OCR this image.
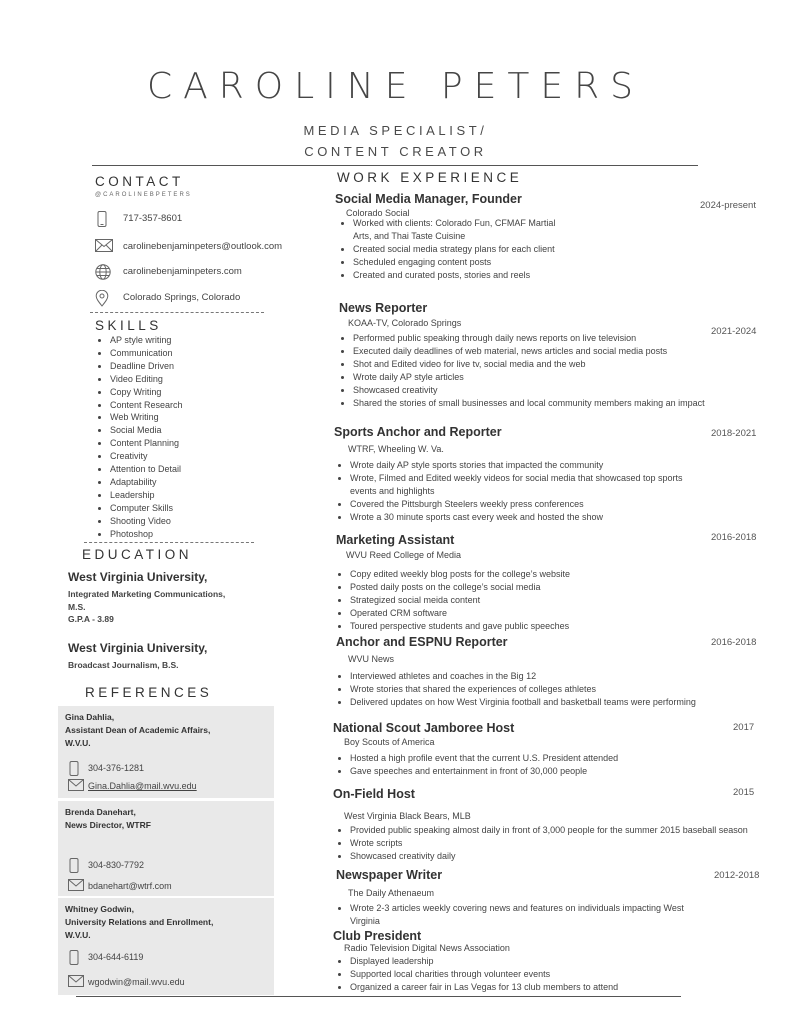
CAROLINE PETERS
MEDIA SPECIALIST/
CONTENT CREATOR
CONTACT
@CAROLINEBPETERS
717-357-8601
carolinebenjaminpeters@outlook.com
carolinebenjaminpeters.com
Colorado Springs, Colorado
SKILLS
• AP style writing
• Communication
• Deadline Driven
• Video Editing
• Copy Writing
• Content Research
• Web Writing
• Social Media
• Content Planning
• Creativity
• Attention to Detail
• Adaptability
• Leadership
• Computer Skills
• Shooting Video
• Photoshop
EDUCATION
West Virginia University,
Integrated Marketing Communications,
M.S.
G.P.A - 3.89
West Virginia University,
Broadcast Journalism, B.S.
REFERENCES
Gina Dahlia,
Assistant Dean of Academic Affairs,
W.V.U.
304-376-1281
Gina.Dahlia@mail.wvu.edu
Brenda Danehart,
News Director, WTRF
304-830-7792
bdanehart@wtrf.com
Whitney Godwin,
University Relations and Enrollment,
W.V.U.
304-644-6119
wgodwin@mail.wvu.edu
WORK EXPERIENCE
Social Media Manager, Founder	2024-present
Colorado Social
• Worked with clients: Colorado Fun, CFMAF Martial Arts, and Thai Taste Cuisine
• Created social media strategy plans for each client
• Scheduled engaging content posts
• Created and curated posts, stories and reels
News Reporter
KOAA-TV, Colorado Springs
2021-2024
• Performed public speaking through daily news reports on live television
• Executed daily deadlines of web material, news articles and social media posts
• Shot and Edited video for live tv, social media and the web
• Wrote daily AP style articles
• Showcased creativity
• Shared the stories of small businesses and local community members making an impact
Sports Anchor and Reporter	2018-2021
WTRF, Wheeling W. Va.
• Wrote daily AP style sports stories that impacted the community
• Wrote, Filmed and Edited weekly videos for social media that showcased top sports events and highlights
• Covered the Pittsburgh Steelers weekly press conferences
• Wrote a 30 minute sports cast every week and hosted the show
Marketing Assistant	2016-2018
WVU Reed College of Media
• Copy edited weekly blog posts for the college’s website
• Posted daily posts on the college’s social media
• Strategized social meida content
• Operated CRM software
• Toured perspective students and gave public speeches
Anchor and ESPNU Reporter	2016-2018
WVU News
• Interviewed athletes and coaches in the Big 12
• Wrote stories that shared the experiences of colleges athletes
• Delivered updates on how West Virginia football and basketball teams were performing
National Scout Jamboree Host	2017
Boy Scouts of America
• Hosted a high profile event that the current U.S. President attended
• Gave speeches and entertainment in front of 30,000 people
On-Field Host	2015
West Virginia Black Bears, MLB
• Provided public speaking almost daily in front of 3,000 people for the summer 2015 baseball season
• Wrote scripts
• Showcased creativity daily
Newspaper Writer	2012-2018
The Daily Athenaeum
• Wrote 2-3 articles weekly covering news and features on individuals impacting West Virginia
Club President
Radio Television Digital News Association
• Displayed leadership
• Supported local charities through volunteer events
• Organized a career fair in Las Vegas for 13 club members to attend
